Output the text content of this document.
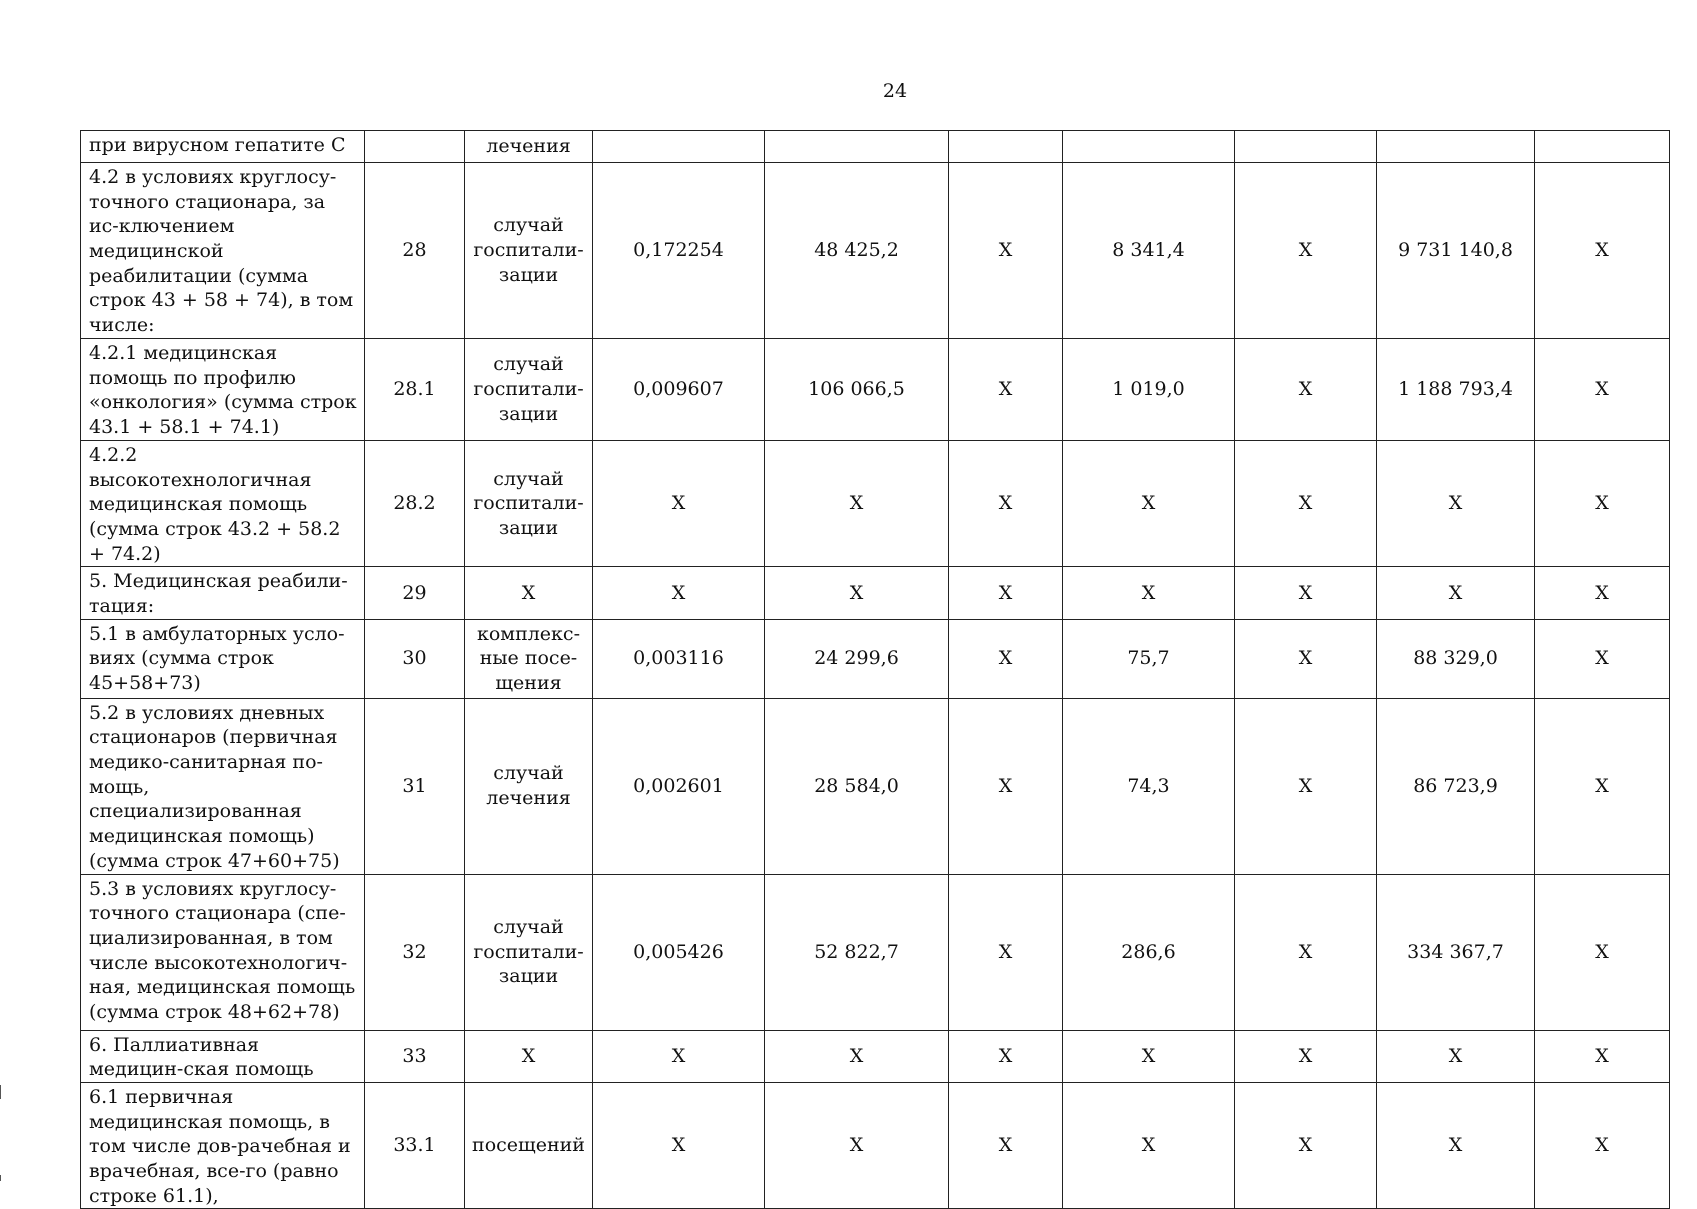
24
при вирусном гепатите С		лечения							
4.2 в условиях круглосу-точного стационара, за ис-ключением медицинской реабилитации (сумма строк 43 + 58 + 74), в том числе:	28	случай госпитали-зации	0,172254	48 425,2	X	8 341,4	X	9 731 140,8	X
4.2.1 медицинская помощь по профилю «онкология» (сумма строк 43.1 + 58.1 + 74.1)	28.1	случай госпитали-зации	0,009607	106 066,5	X	1 019,0	X	1 188 793,4	X
4.2.2 высокотехнологичная медицинская помощь (сумма строк 43.2 + 58.2 + 74.2)	28.2	случай госпитали-зации	X	X	X	X	X	X	X
5. Медицинская реабили-тация:	29	X	X	X	X	X	X	X	X
5.1 в амбулаторных усло-виях (сумма строк 45+58+73)	30	комплекс-ные посе-щения	0,003116	24 299,6	X	75,7	X	88 329,0	X
5.2 в условиях дневных стационаров (первичная медико-санитарная по-мощь, специализированная медицинская помощь) (сумма строк 47+60+75)	31	случай лечения	0,002601	28 584,0	X	74,3	X	86 723,9	X
5.3 в условиях круглосу-точного стационара (спе-циализированная, в том числе высокотехнологич-ная, медицинская помощь (сумма строк 48+62+78)	32	случай госпитали-зации	0,005426	52 822,7	X	286,6	X	334 367,7	X
6. Паллиативная медицин-ская помощь	33	X	X	X	X	X	X	X	X
6.1 первичная медицинская помощь, в том числе дов-рачебная и врачебная, все-го (равно строке 61.1),	33.1	посещений	X	X	X	X	X	X	X
